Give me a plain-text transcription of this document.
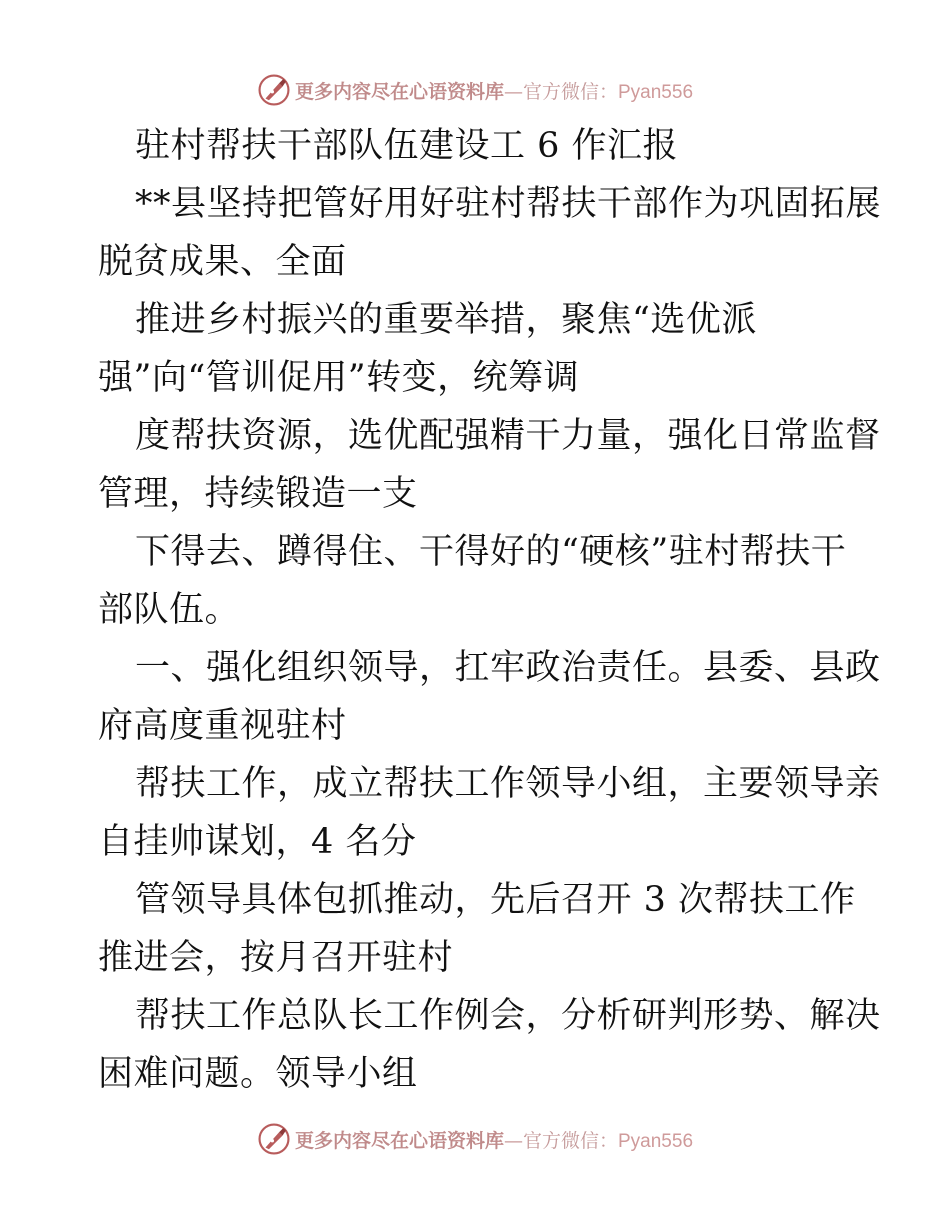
更多内容尽在心语资料库—官方微信：Pyan556
驻村帮扶干部队伍建设工 6 作汇报
**县坚持把管好用好驻村帮扶干部作为巩固拓展
脱贫成果、全面
推进乡村振兴的重要举措，聚焦“选优派
强”向“管训促用”转变，统筹调
度帮扶资源，选优配强精干力量，强化日常监督
管理，持续锻造一支
下得去、蹲得住、干得好的“硬核”驻村帮扶干
部队伍。
一、强化组织领导，扛牢政治责任。县委、县政
府高度重视驻村
帮扶工作，成立帮扶工作领导小组，主要领导亲
自挂帅谋划，4 名分
管领导具体包抓推动，先后召开 3 次帮扶工作
推进会，按月召开驻村
帮扶工作总队长工作例会，分析研判形势、解决
困难问题。领导小组
更多内容尽在心语资料库—官方微信：Pyan556
